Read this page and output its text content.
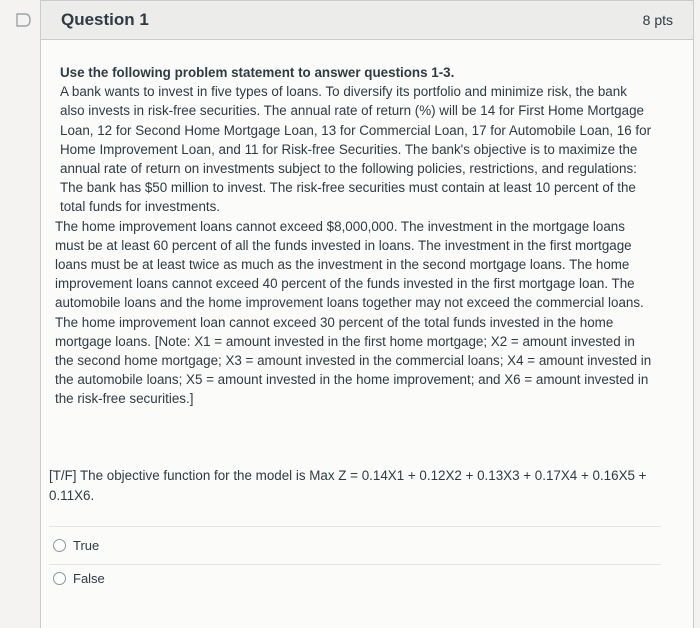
Question 1	8 pts

Use the following problem statement to answer questions 1-3.

A bank wants to invest in five types of loans. To diversify its portfolio and minimize risk, the bank also invests in risk-free securities. The annual rate of return (%) will be 14 for First Home Mortgage Loan, 12 for Second Home Mortgage Loan, 13 for Commercial Loan, 17 for Automobile Loan, 16 for Home Improvement Loan, and 11 for Risk-free Securities. The bank's objective is to maximize the annual rate of return on investments subject to the following policies, restrictions, and regulations: The bank has $50 million to invest. The risk-free securities must contain at least 10 percent of the total funds for investments.

The home improvement loans cannot exceed $8,000,000. The investment in the mortgage loans must be at least 60 percent of all the funds invested in loans. The investment in the first mortgage loans must be at least twice as much as the investment in the second mortgage loans. The home improvement loans cannot exceed 40 percent of the funds invested in the first mortgage loan. The automobile loans and the home improvement loans together may not exceed the commercial loans. The home improvement loan cannot exceed 30 percent of the total funds invested in the home mortgage loans. [Note: X1 = amount invested in the first home mortgage; X2 = amount invested in the second home mortgage; X3 = amount invested in the commercial loans; X4 = amount invested in the automobile loans; X5 = amount invested in the home improvement; and X6 = amount invested in the risk-free securities.]

[T/F] The objective function for the model is Max Z = 0.14X1 + 0.12X2 + 0.13X3 + 0.17X4 + 0.16X5 + 0.11X6.
True
False
